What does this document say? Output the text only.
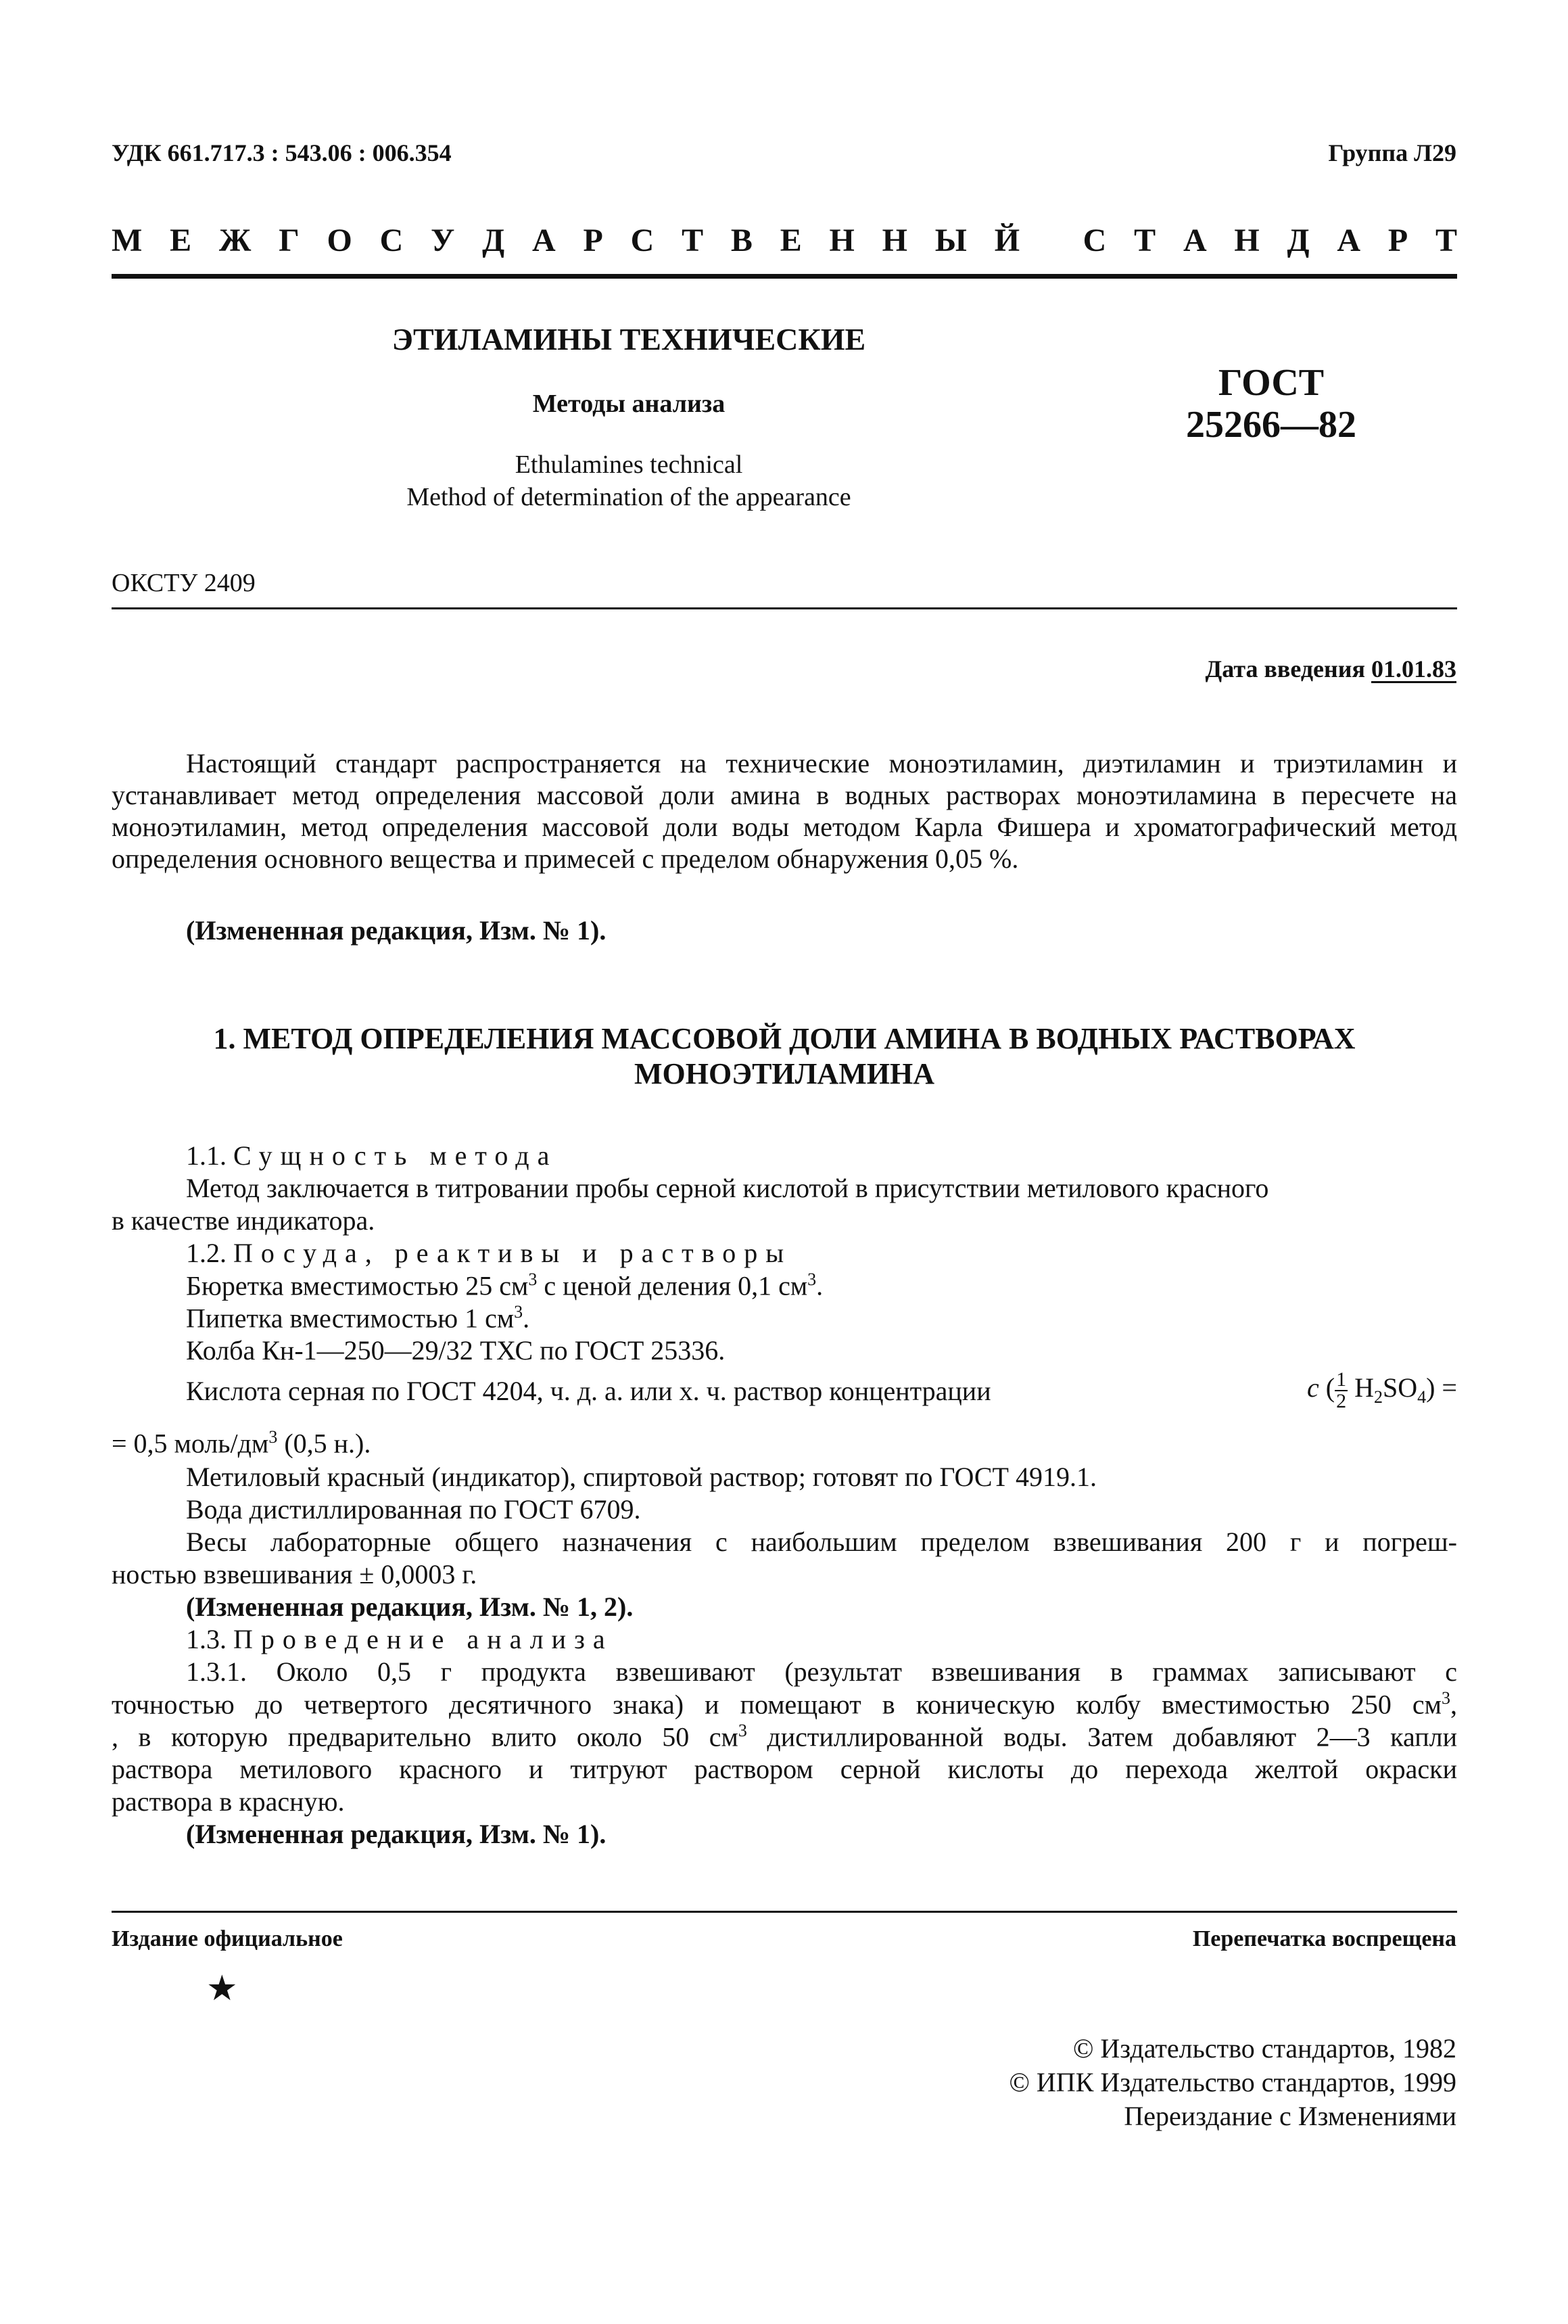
УДК 661.717.3 : 543.06 : 006.354	Группа Л29
М Е Ж Г О С У Д А Р С Т В Е Н Н Ы Й
С Т А Н Д А Р Т
ЭТИЛАМИНЫ ТЕХНИЧЕСКИЕ
Методы анализа
Ethulamines technical
Method of determination of the appearance
ГОСТ
25266—82
ОКСТУ 2409
Дата введения 01.01.83
Настоящий стандарт распространяется на технические моноэтиламин, диэтиламин и триэтиламин и устанавливает метод определения массовой доли амина в водных растворах моноэтиламина в пересчете на моноэтиламин, метод определения массовой доли воды методом Карла Фишера и хроматографический метод определения основного вещества и примесей с пределом обнаружения 0,05 %.
(Измененная редакция, Изм. № 1).
1. МЕТОД ОПРЕДЕЛЕНИЯ МАССОВОЙ ДОЛИ АМИНА В ВОДНЫХ РАСТВОРАХ
МОНОЭТИЛАМИНА
1.1. Сущность метода
Метод заключается в титровании пробы серной кислотой в присутствии метилового красного
в качестве индикатора.
1.2. Посуда, реактивы и растворы
Бюретка вместимостью 25 $см^3$ с ценой деления 0,1 $см^3$.
Пипетка вместимостью 1 $см^3$.
Колба Кн-1—250—29/32 ТХС по ГОСТ 25336.
Кислота серная по ГОСТ 4204, ч. д. а. или х. ч. раствор концентрации	c ( $\frac{1}{2} H_2SO_4$) =
= 0,5 моль/$дм^3$ (0,5 н.).
Метиловый красный (индикатор), спиртовой раствор; готовят по ГОСТ 4919.1.
Вода дистиллированная по ГОСТ 6709.
Весы лабораторные общего назначения с наибольшим пределом взвешивания 200 г и погреш-
ностью взвешивания ± 0,0003 г.
(Измененная редакция, Изм. № 1, 2).
1.3. Проведение анализа
1.3.1. Около 0,5 г продукта взвешивают (результат взвешивания в граммах записывают с
точностью до четвертого десятичного знака) и помещают в коническую колбу вместимостью 250 $см^3$,
, в которую предварительно влито около 50 $см^3$ дистиллированной воды. Затем добавляют 2—3 капли
раствора метилового красного и титруют раствором серной кислоты до перехода желтой окраски
раствора в красную.
(Измененная редакция, Изм. № 1).
Издание официальное	Перепечатка воспрещена
★
© Издательство стандартов, 1982
© ИПК Издательство стандартов, 1999
Переиздание с Изменениями
